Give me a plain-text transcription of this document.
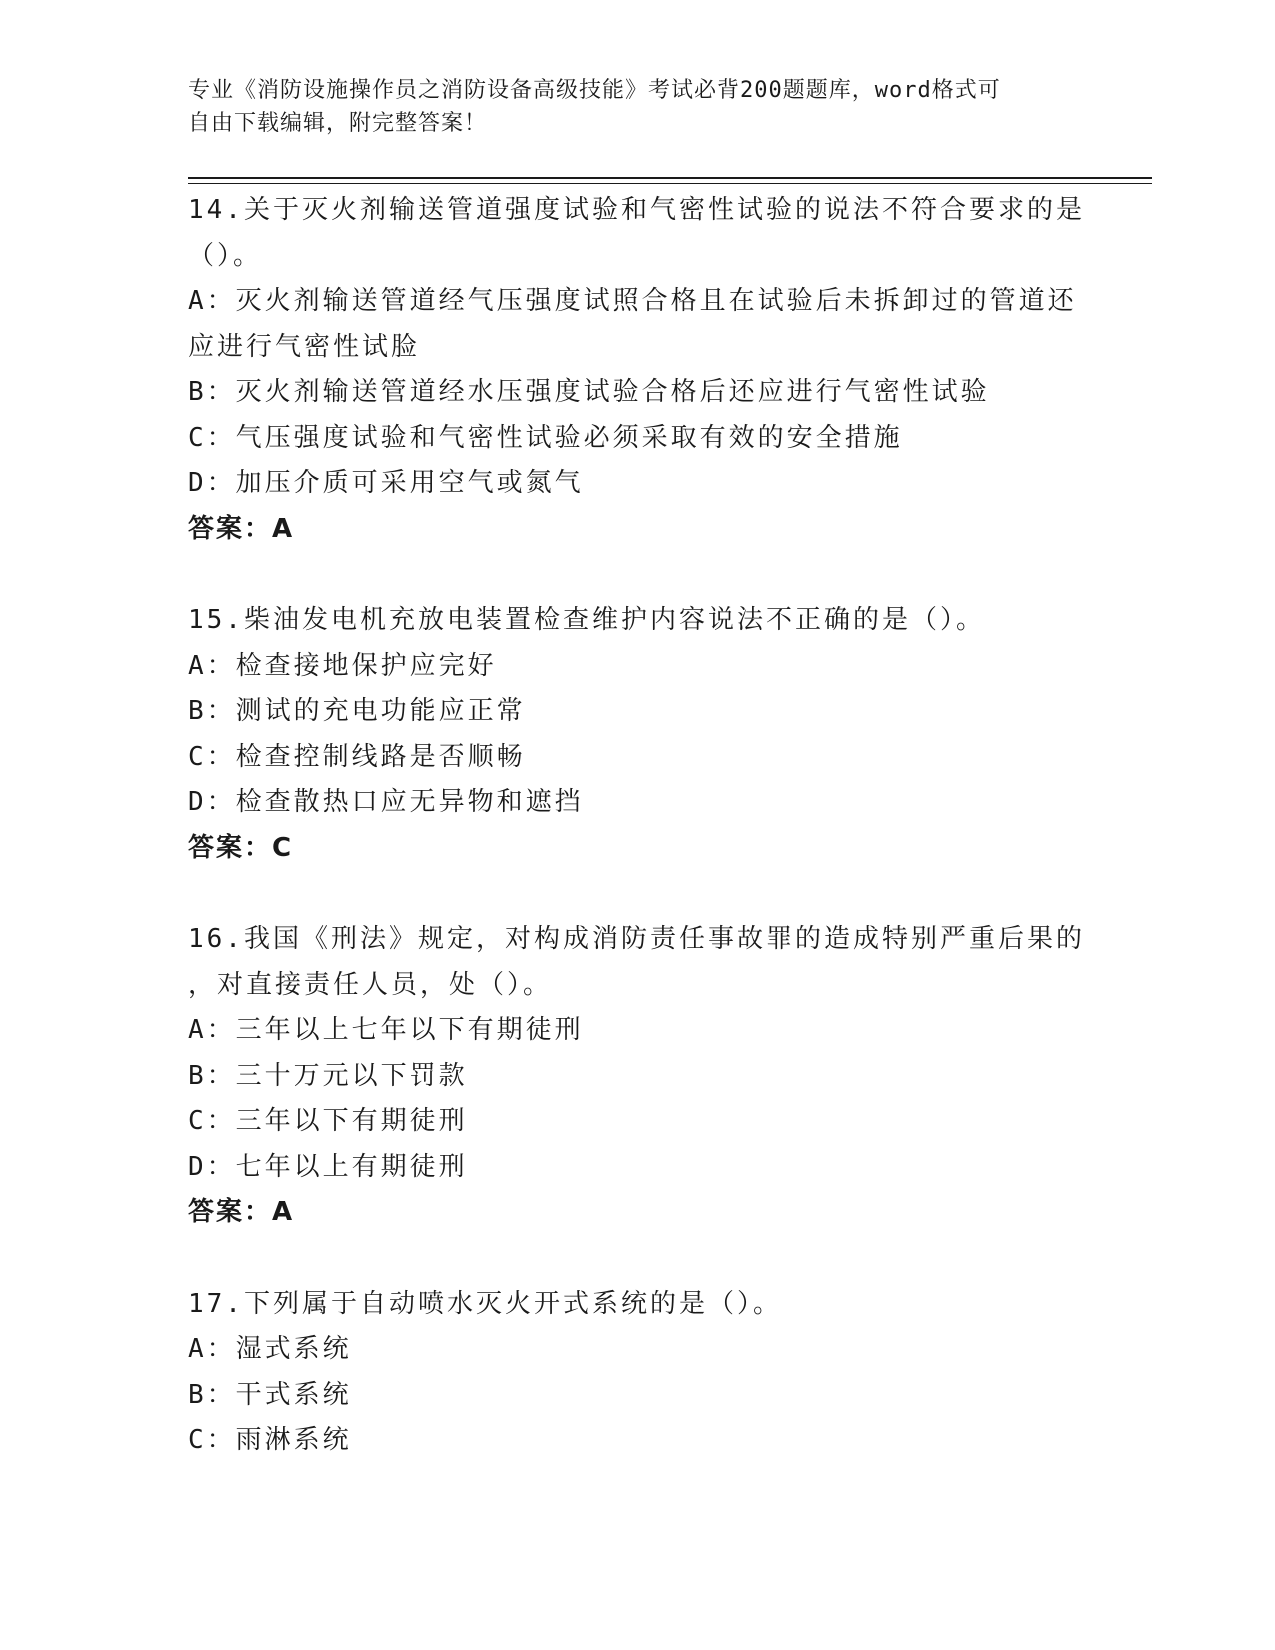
专业《消防设施操作员之消防设备高级技能》考试必背200题题库，word格式可
自由下载编辑，附完整答案！
14.关于灭火剂输送管道强度试验和气密性试验的说法不符合要求的是
（）。
A：灭火剂输送管道经气压强度试照合格且在试验后未拆卸过的管道还
应进行气密性试脸
B：灭火剂输送管道经水压强度试验合格后还应进行气密性试验
C：气压强度试验和气密性试验必须采取有效的安全措施
D：加压介质可采用空气或氮气
答案：A
15.柴油发电机充放电装置检查维护内容说法不正确的是（）。
A：检查接地保护应完好
B：测试的充电功能应正常
C：检查控制线路是否顺畅
D：检查散热口应无异物和遮挡
答案：C
16.我国《刑法》规定，对构成消防责任事故罪的造成特别严重后果的
，对直接责任人员，处（）。
A：三年以上七年以下有期徒刑
B：三十万元以下罚款
C：三年以下有期徒刑
D：七年以上有期徒刑
答案：A
17.下列属于自动喷水灭火开式系统的是（）。
A：湿式系统
B：干式系统
C：雨淋系统
